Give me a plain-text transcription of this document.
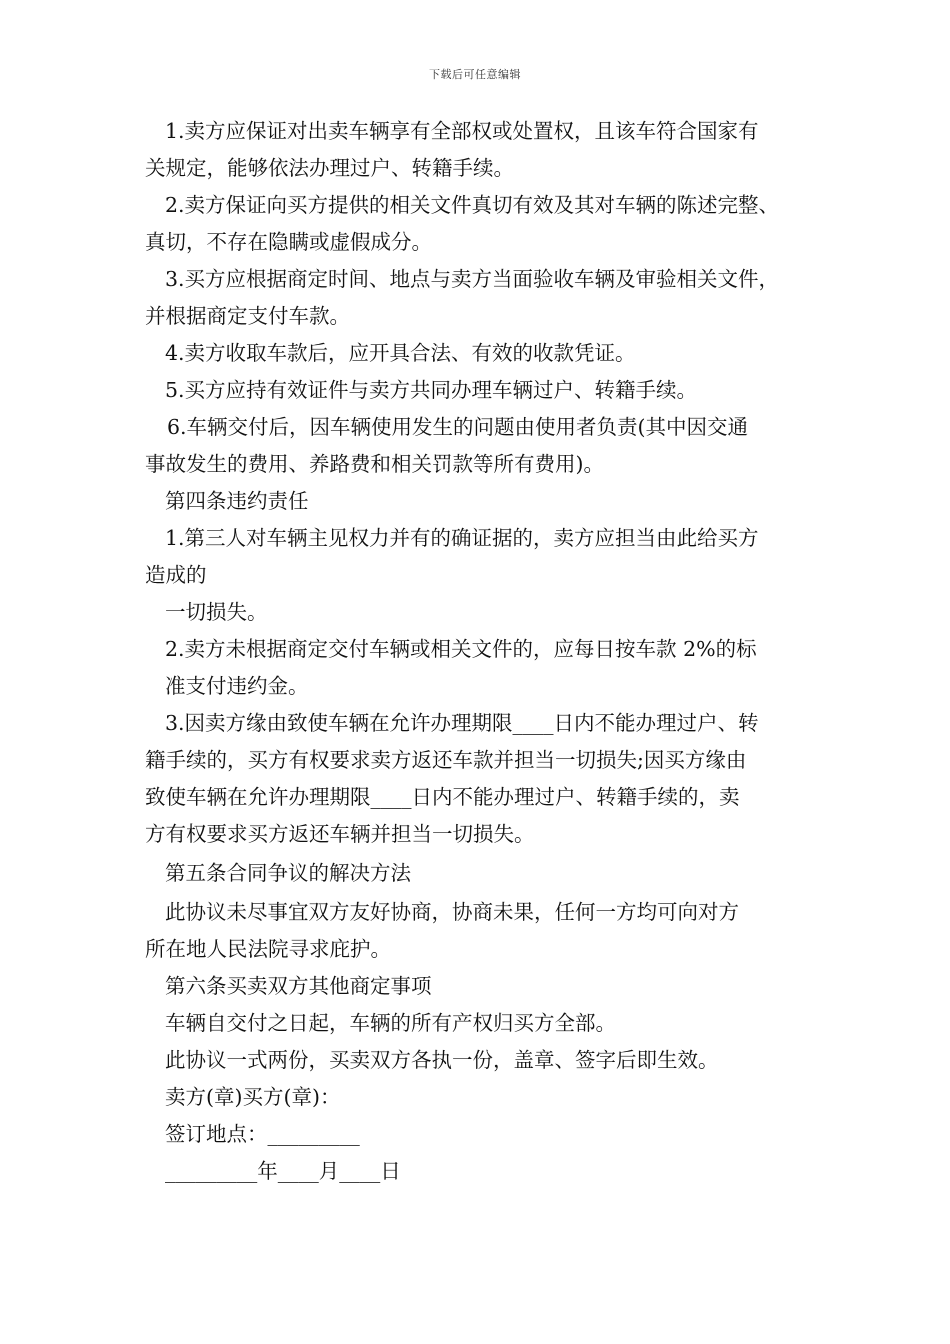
下载后可任意编辑
1.卖方应保证对出卖车辆享有全部权或处置权，且该车符合国家有
关规定，能够依法办理过户、转籍手续。
2.卖方保证向买方提供的相关文件真切有效及其对车辆的陈述完整、
真切，不存在隐瞒或虚假成分。
3.买方应根据商定时间、地点与卖方当面验收车辆及审验相关文件，
并根据商定支付车款。
4.卖方收取车款后，应开具合法、有效的收款凭证。
5.买方应持有效证件与卖方共同办理车辆过户、转籍手续。
6.车辆交付后，因车辆使用发生的问题由使用者负责(其中因交通
事故发生的费用、养路费和相关罚款等所有费用)。
第四条违约责任
1.第三人对车辆主见权力并有的确证据的，卖方应担当由此给买方
造成的
一切损失。
2.卖方未根据商定交付车辆或相关文件的，应每日按车款 2%的标
准支付违约金。
3.因卖方缘由致使车辆在允许办理期限____日内不能办理过户、转
籍手续的，买方有权要求卖方返还车款并担当一切损失;因买方缘由
致使车辆在允许办理期限____日内不能办理过户、转籍手续的，卖
方有权要求买方返还车辆并担当一切损失。
第五条合同争议的解决方法
此协议未尽事宜双方友好协商，协商未果，任何一方均可向对方
所在地人民法院寻求庇护。
第六条买卖双方其他商定事项
车辆自交付之日起，车辆的所有产权归买方全部。
此协议一式两份，买卖双方各执一份，盖章、签字后即生效。
卖方(章)买方(章)：
签订地点：_________
_________年____月____日
